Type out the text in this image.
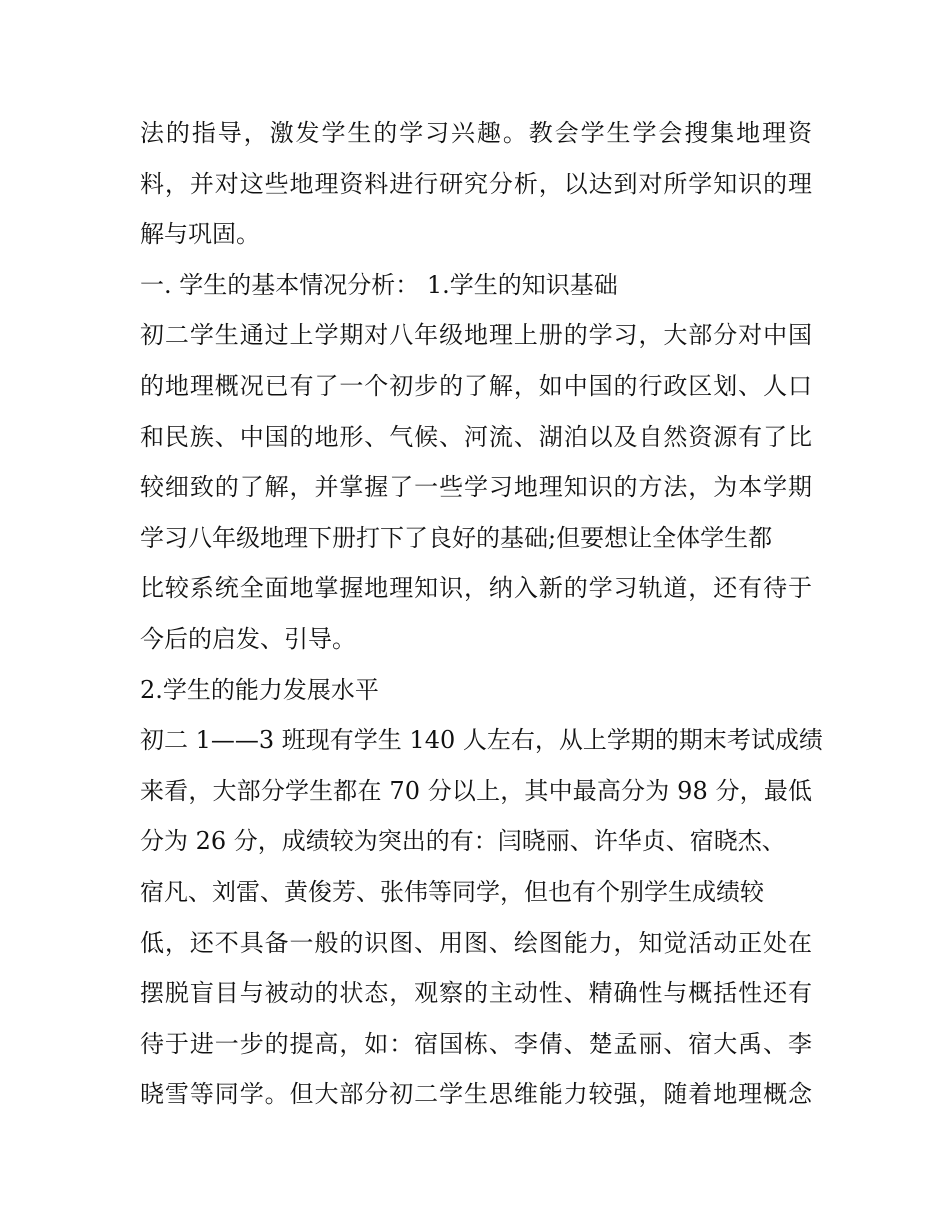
法的指导，激发学生的学习兴趣。教会学生学会搜集地理资
料，并对这些地理资料进行研究分析，以达到对所学知识的理
解与巩固。
一. 学生的基本情况分析： 1.学生的知识基础
初二学生通过上学期对八年级地理上册的学习，大部分对中国
的地理概况已有了一个初步的了解，如中国的行政区划、人口
和民族、中国的地形、气候、河流、湖泊以及自然资源有了比
较细致的了解，并掌握了一些学习地理知识的方法，为本学期
学习八年级地理下册打下了良好的基础;但要想让全体学生都
比较系统全面地掌握地理知识，纳入新的学习轨道，还有待于
今后的启发、引导。
2.学生的能力发展水平
初二 1——3 班现有学生 140 人左右，从上学期的期末考试成绩
来看，大部分学生都在 70 分以上，其中最高分为 98 分，最低
分为 26 分，成绩较为突出的有：闫晓丽、许华贞、宿晓杰、
宿凡、刘雷、黄俊芳、张伟等同学，但也有个别学生成绩较
低，还不具备一般的识图、用图、绘图能力，知觉活动正处在
摆脱盲目与被动的状态，观察的主动性、精确性与概括性还有
待于进一步的提高，如：宿国栋、李倩、楚孟丽、宿大禹、李
晓雪等同学。但大部分初二学生思维能力较强，随着地理概念
